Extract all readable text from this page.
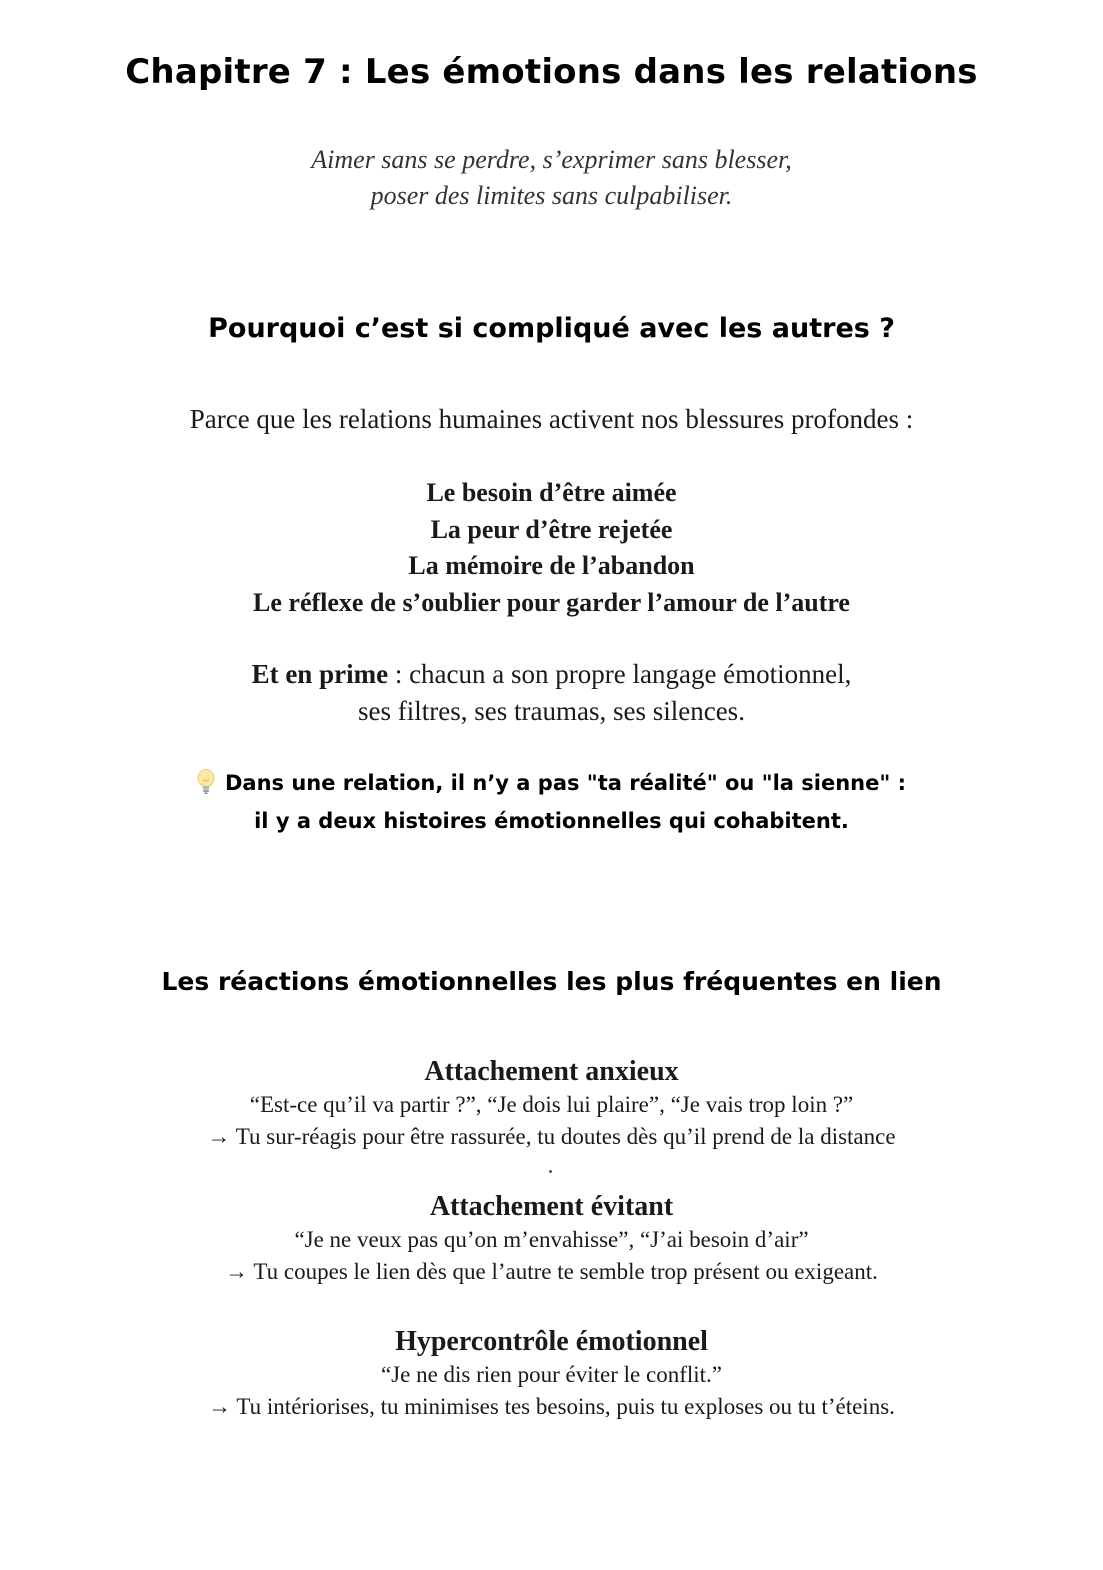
Chapitre 7 : Les émotions dans les relations
Aimer sans se perdre, s’exprimer sans blesser,
poser des limites sans culpabiliser.
Pourquoi c’est si compliqué avec les autres ?
Parce que les relations humaines activent nos blessures profondes :
Le besoin d’être aimée
La peur d’être rejetée
La mémoire de l’abandon
Le réflexe de s’oublier pour garder l’amour de l’autre
Et en prime : chacun a son propre langage émotionnel,
ses filtres, ses traumas, ses silences.
Dans une relation, il n’y a pas "ta réalité" ou "la sienne" :
il y a deux histoires émotionnelles qui cohabitent.
Les réactions émotionnelles les plus fréquentes en lien
Attachement anxieux
“Est-ce qu’il va partir ?”, “Je dois lui plaire”, “Je vais trop loin ?”
→ Tu sur-réagis pour être rassurée, tu doutes dès qu’il prend de la distance
Attachement évitant
“Je ne veux pas qu’on m’envahisse”, “J’ai besoin d’air”
→ Tu coupes le lien dès que l’autre te semble trop présent ou exigeant.
Hypercontrôle émotionnel
“Je ne dis rien pour éviter le conflit.”
→ Tu intériorises, tu minimises tes besoins, puis tu exploses ou tu t’éteins.
